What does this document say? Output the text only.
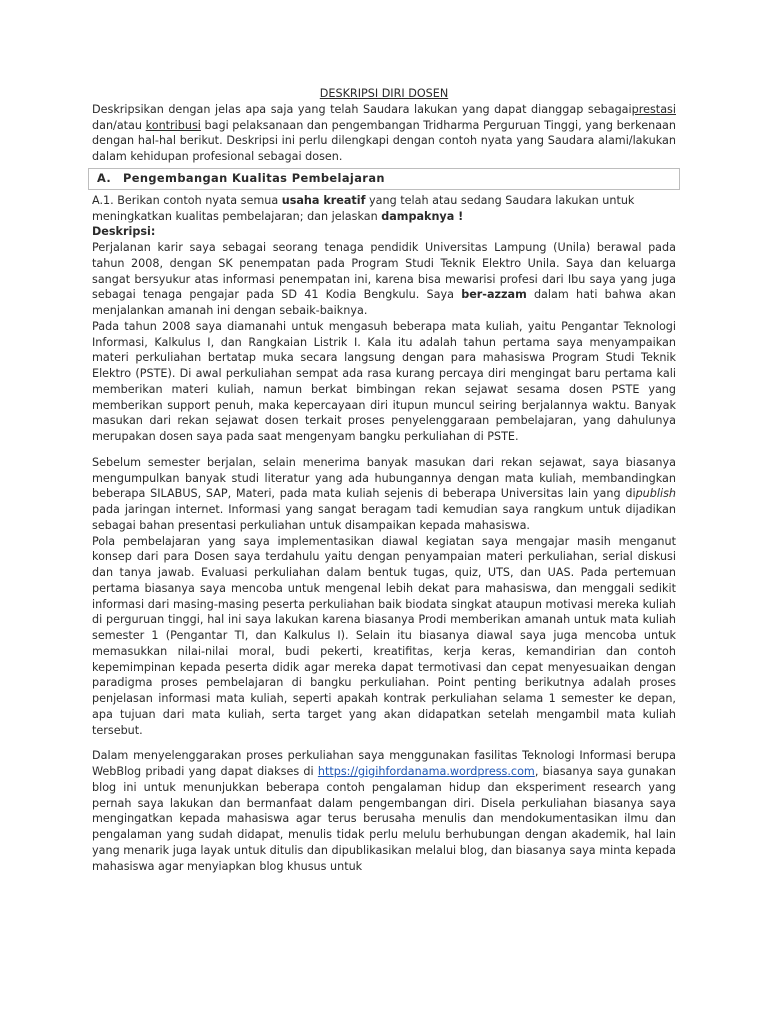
DESKRIPSI DIRI DOSEN

Deskripsikan dengan jelas apa saja yang telah Saudara lakukan yang dapat dianggap sebagaiprestasi dan/atau kontribusi bagi pelaksanaan dan pengembangan Tridharma Perguruan Tinggi, yang berkenaan dengan hal-hal berikut. Deskripsi ini perlu dilengkapi dengan contoh nyata yang Saudara alami/lakukan dalam kehidupan profesional sebagai dosen.

A.	Pengembangan Kualitas Pembelajaran

A.1. Berikan contoh nyata semua usaha kreatif yang telah atau sedang Saudara lakukan untuk meningkatkan kualitas pembelajaran; dan jelaskan dampaknya !

Deskripsi:

Perjalanan karir saya sebagai seorang tenaga pendidik Universitas Lampung (Unila) berawal pada tahun 2008, dengan SK penempatan pada Program Studi Teknik Elektro Unila. Saya dan keluarga sangat bersyukur atas informasi penempatan ini, karena bisa mewarisi profesi dari Ibu saya yang juga sebagai tenaga pengajar pada SD 41 Kodia Bengkulu. Saya ber-azzam dalam hati bahwa akan menjalankan amanah ini dengan sebaik-baiknya.

Pada tahun 2008 saya diamanahi untuk mengasuh beberapa mata kuliah, yaitu Pengantar Teknologi Informasi, Kalkulus I, dan Rangkaian Listrik I. Kala itu adalah tahun pertama saya menyampaikan materi perkuliahan bertatap muka secara langsung dengan para mahasiswa Program Studi Teknik Elektro (PSTE). Di awal perkuliahan sempat ada rasa kurang percaya diri mengingat baru pertama kali memberikan materi kuliah, namun berkat bimbingan rekan sejawat sesama dosen PSTE yang memberikan support penuh, maka kepercayaan diri itupun muncul seiring berjalannya waktu. Banyak masukan dari rekan sejawat dosen terkait proses penyelenggaraan pembelajaran, yang dahulunya merupakan dosen saya pada saat mengenyam bangku perkuliahan di PSTE.

Sebelum semester berjalan, selain menerima banyak masukan dari rekan sejawat, saya biasanya mengumpulkan banyak studi literatur yang ada hubungannya dengan mata kuliah, membandingkan beberapa SILABUS, SAP, Materi, pada mata kuliah sejenis di beberapa Universitas lain yang dipublish pada jaringan internet. Informasi yang sangat beragam tadi kemudian saya rangkum untuk dijadikan sebagai bahan presentasi perkuliahan untuk disampaikan kepada mahasiswa.

Pola pembelajaran yang saya implementasikan diawal kegiatan saya mengajar masih menganut konsep dari para Dosen saya terdahulu yaitu dengan penyampaian materi perkuliahan, serial diskusi dan tanya jawab. Evaluasi perkuliahan dalam bentuk tugas, quiz, UTS, dan UAS. Pada pertemuan pertama biasanya saya mencoba untuk mengenal lebih dekat para mahasiswa, dan menggali sedikit informasi dari masing-masing peserta perkuliahan baik biodata singkat ataupun motivasi mereka kuliah di perguruan tinggi, hal ini saya lakukan karena biasanya Prodi memberikan amanah untuk mata kuliah semester 1 (Pengantar TI, dan Kalkulus I). Selain itu biasanya diawal saya juga mencoba untuk memasukkan nilai-nilai moral, budi pekerti, kreatifitas, kerja keras, kemandirian dan contoh kepemimpinan kepada peserta didik agar mereka dapat termotivasi dan cepat menyesuaikan dengan paradigma proses pembelajaran di bangku perkuliahan. Point penting berikutnya adalah proses penjelasan informasi mata kuliah, seperti apakah kontrak perkuliahan selama 1 semester ke depan, apa tujuan dari mata kuliah, serta target yang akan didapatkan setelah mengambil mata kuliah tersebut.

Dalam menyelenggarakan proses perkuliahan saya menggunakan fasilitas Teknologi Informasi berupa WebBlog pribadi yang dapat diakses di https://gigihfordanama.wordpress.com, biasanya saya gunakan blog ini untuk menunjukkan beberapa contoh pengalaman hidup dan eksperiment research yang pernah saya lakukan dan bermanfaat dalam pengembangan diri. Disela perkuliahan biasanya saya mengingatkan kepada mahasiswa agar terus berusaha menulis dan mendokumentasikan ilmu dan pengalaman yang sudah didapat, menulis tidak perlu melulu berhubungan dengan akademik, hal lain yang menarik juga layak untuk ditulis dan dipublikasikan melalui blog, dan biasanya saya minta kepada mahasiswa agar menyiapkan blog khusus untuk
